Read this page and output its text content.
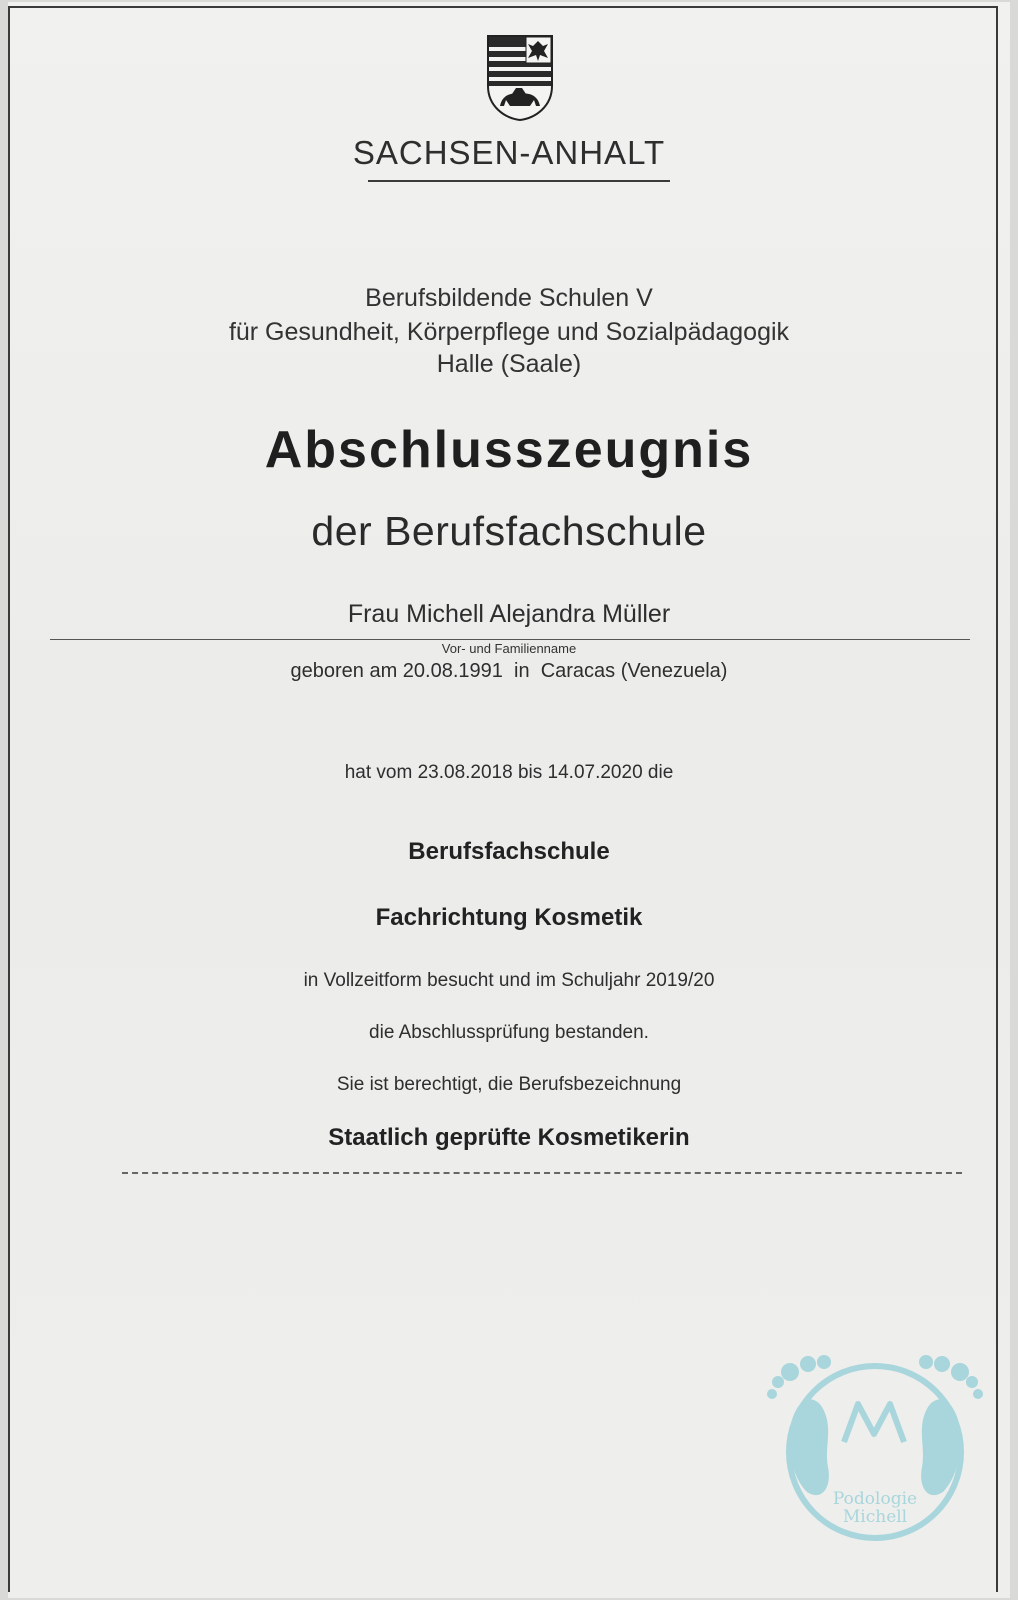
SACHSEN-ANHALT
Berufsbildende Schulen V
für Gesundheit, Körperpflege und Sozialpädagogik
Halle (Saale)
Abschlusszeugnis
der Berufsfachschule
Frau Michell Alejandra Müller
Vor- und Familienname
geboren am 20.08.1991  in  Caracas (Venezuela)
hat vom 23.08.2018 bis 14.07.2020 die
Berufsfachschule
Fachrichtung Kosmetik
in Vollzeitform besucht und im Schuljahr 2019/20
die Abschlussprüfung bestanden.
Sie ist berechtigt, die Berufsbezeichnung
Staatlich geprüfte Kosmetikerin
Podologie
Michell
